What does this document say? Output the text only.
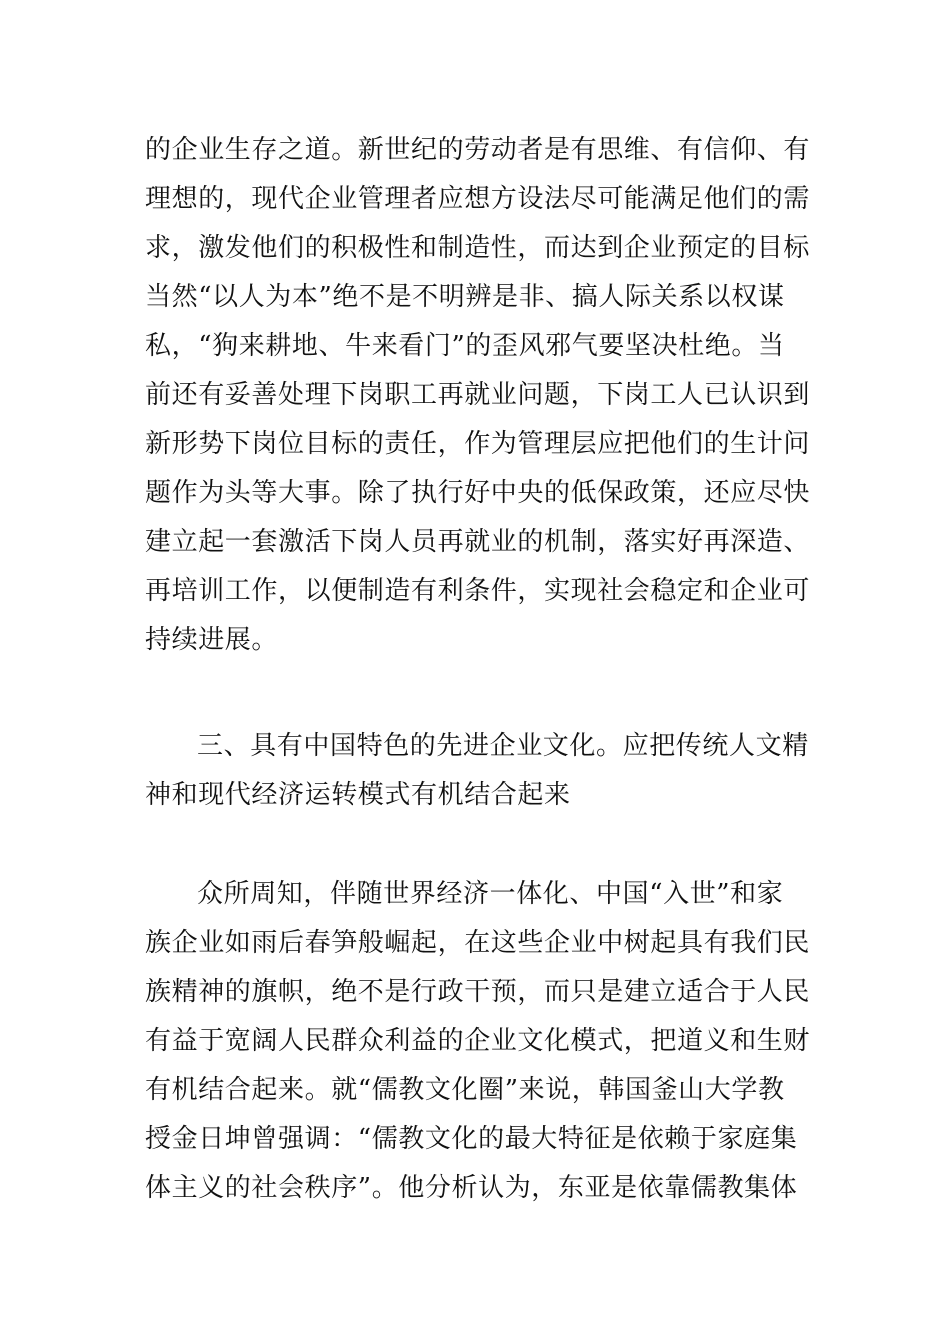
的企业生存之道。新世纪的劳动者是有思维、有信仰、有
理想的，现代企业管理者应想方设法尽可能满足他们的需
求，激发他们的积极性和制造性，而达到企业预定的目标
当然“以人为本”绝不是不明辨是非、搞人际关系以权谋
私，“狗来耕地、牛来看门”的歪风邪气要坚决杜绝。当
前还有妥善处理下岗职工再就业问题，下岗工人已认识到
新形势下岗位目标的责任，作为管理层应把他们的生计问
题作为头等大事。除了执行好中央的低保政策，还应尽快
建立起一套激活下岗人员再就业的机制，落实好再深造、
再培训工作，以便制造有利条件，实现社会稳定和企业可
持续进展。
三、具有中国特色的先进企业文化。应把传统人文精
神和现代经济运转模式有机结合起来
众所周知，伴随世界经济一体化、中国“入世”和家
族企业如雨后春笋般崛起，在这些企业中树起具有我们民
族精神的旗帜，绝不是行政干预，而只是建立适合于人民
有益于宽阔人民群众利益的企业文化模式，把道义和生财
有机结合起来。就“儒教文化圈”来说，韩国釜山大学教
授金日坤曾强调：“儒教文化的最大特征是依赖于家庭集
体主义的社会秩序”。他分析认为，东亚是依靠儒教集体
